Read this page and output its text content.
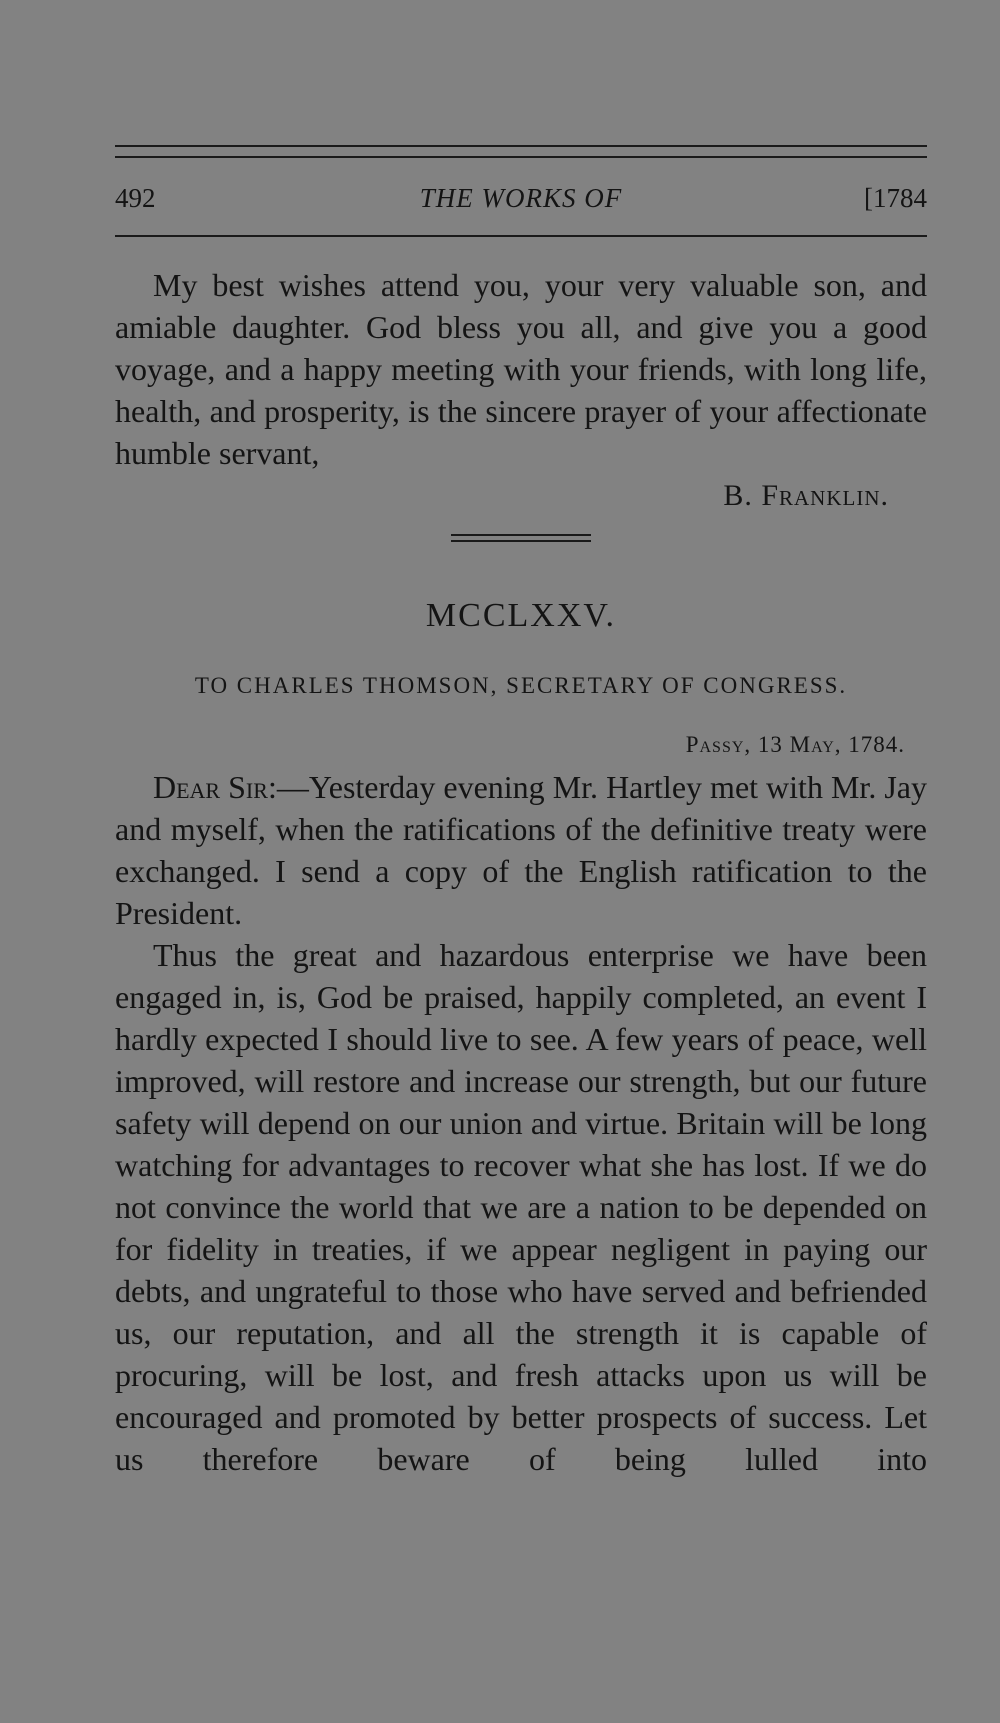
492	THE WORKS OF	[1784

My best wishes attend you, your very valuable son, and amiable daughter. God bless you all, and give you a good voyage, and a happy meeting with your friends, with long life, health, and prosperity, is the sincere prayer of your affectionate humble servant,

B. Franklin.
MCCLXXV.
TO CHARLES THOMSON, SECRETARY OF CONGRESS.
Passy, 13 May, 1784.

Dear Sir:—Yesterday evening Mr. Hartley met with Mr. Jay and myself, when the ratifications of the definitive treaty were exchanged. I send a copy of the English ratification to the President.

Thus the great and hazardous enterprise we have been engaged in, is, God be praised, happily completed, an event I hardly expected I should live to see. A few years of peace, well improved, will restore and increase our strength, but our future safety will depend on our union and virtue. Britain will be long watching for advantages to recover what she has lost. If we do not convince the world that we are a nation to be depended on for fidelity in treaties, if we appear negligent in paying our debts, and ungrateful to those who have served and befriended us, our reputation, and all the strength it is capable of procuring, will be lost, and fresh attacks upon us will be encouraged and promoted by better prospects of success. Let us therefore beware of being lulled into
